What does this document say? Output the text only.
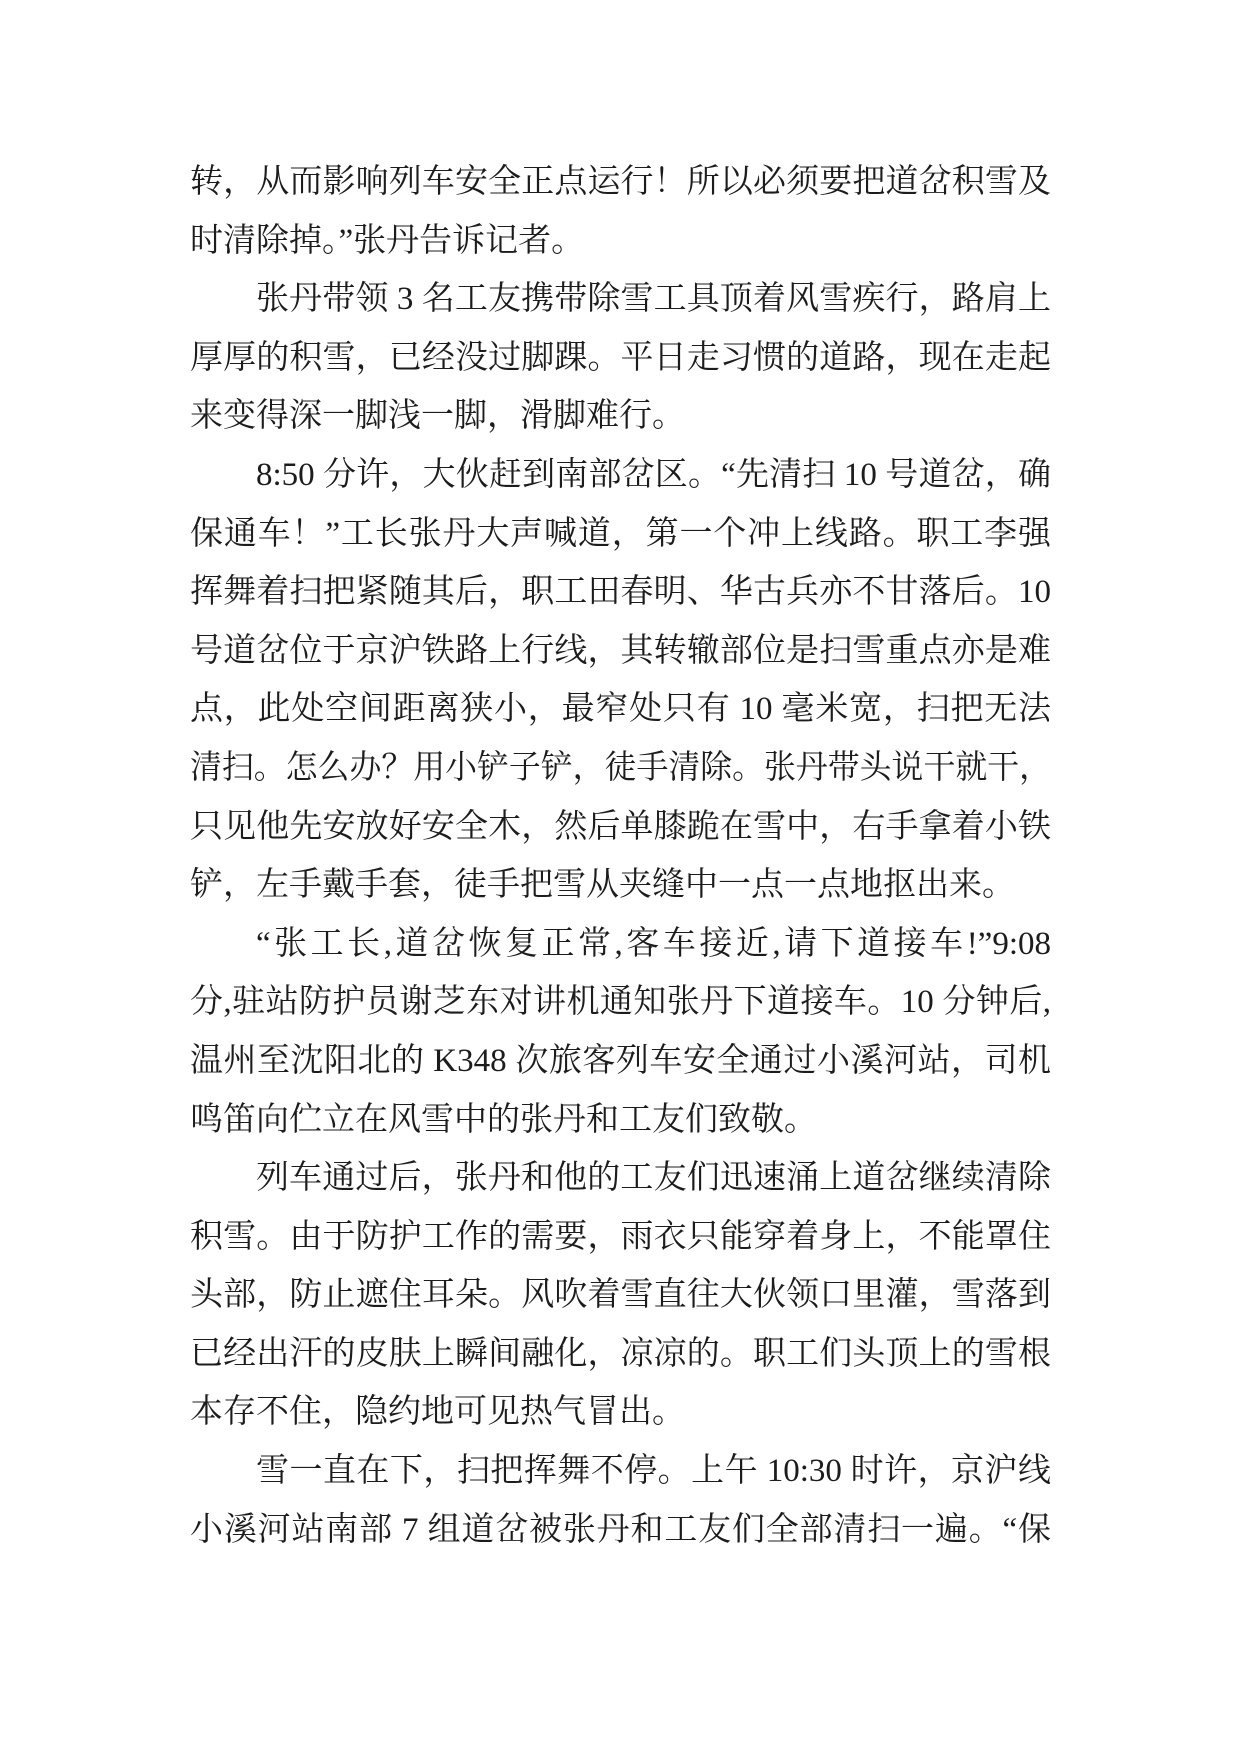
转，从而影响列车安全正点运行！所以必须要把道岔积雪及
时清除掉。”张丹告诉记者。
张丹带领 3 名工友携带除雪工具顶着风雪疾行，路肩上
厚厚的积雪，已经没过脚踝。平日走习惯的道路，现在走起
来变得深一脚浅一脚，滑脚难行。
8:50 分许，大伙赶到南部岔区。“先清扫 10 号道岔，确
保通车！”工长张丹大声喊道，第一个冲上线路。职工李强
挥舞着扫把紧随其后，职工田春明、华古兵亦不甘落后。10
号道岔位于京沪铁路上行线，其转辙部位是扫雪重点亦是难
点，此处空间距离狭小，最窄处只有 10 毫米宽，扫把无法
清扫。怎么办？用小铲子铲，徒手清除。张丹带头说干就干，
只见他先安放好安全木，然后单膝跪在雪中，右手拿着小铁
铲，左手戴手套，徒手把雪从夹缝中一点一点地抠出来。
“张工长,道岔恢复正常,客车接近,请下道接车!”9:08
分,驻站防护员谢芝东对讲机通知张丹下道接车。10 分钟后,
温州至沈阳北的 K348 次旅客列车安全通过小溪河站，司机
鸣笛向伫立在风雪中的张丹和工友们致敬。
列车通过后，张丹和他的工友们迅速涌上道岔继续清除
积雪。由于防护工作的需要，雨衣只能穿着身上，不能罩住
头部，防止遮住耳朵。风吹着雪直往大伙领口里灌，雪落到
已经出汗的皮肤上瞬间融化，凉凉的。职工们头顶上的雪根
本存不住，隐约地可见热气冒出。
雪一直在下，扫把挥舞不停。上午 10:30 时许，京沪线
小溪河站南部 7 组道岔被张丹和工友们全部清扫一遍。“保
